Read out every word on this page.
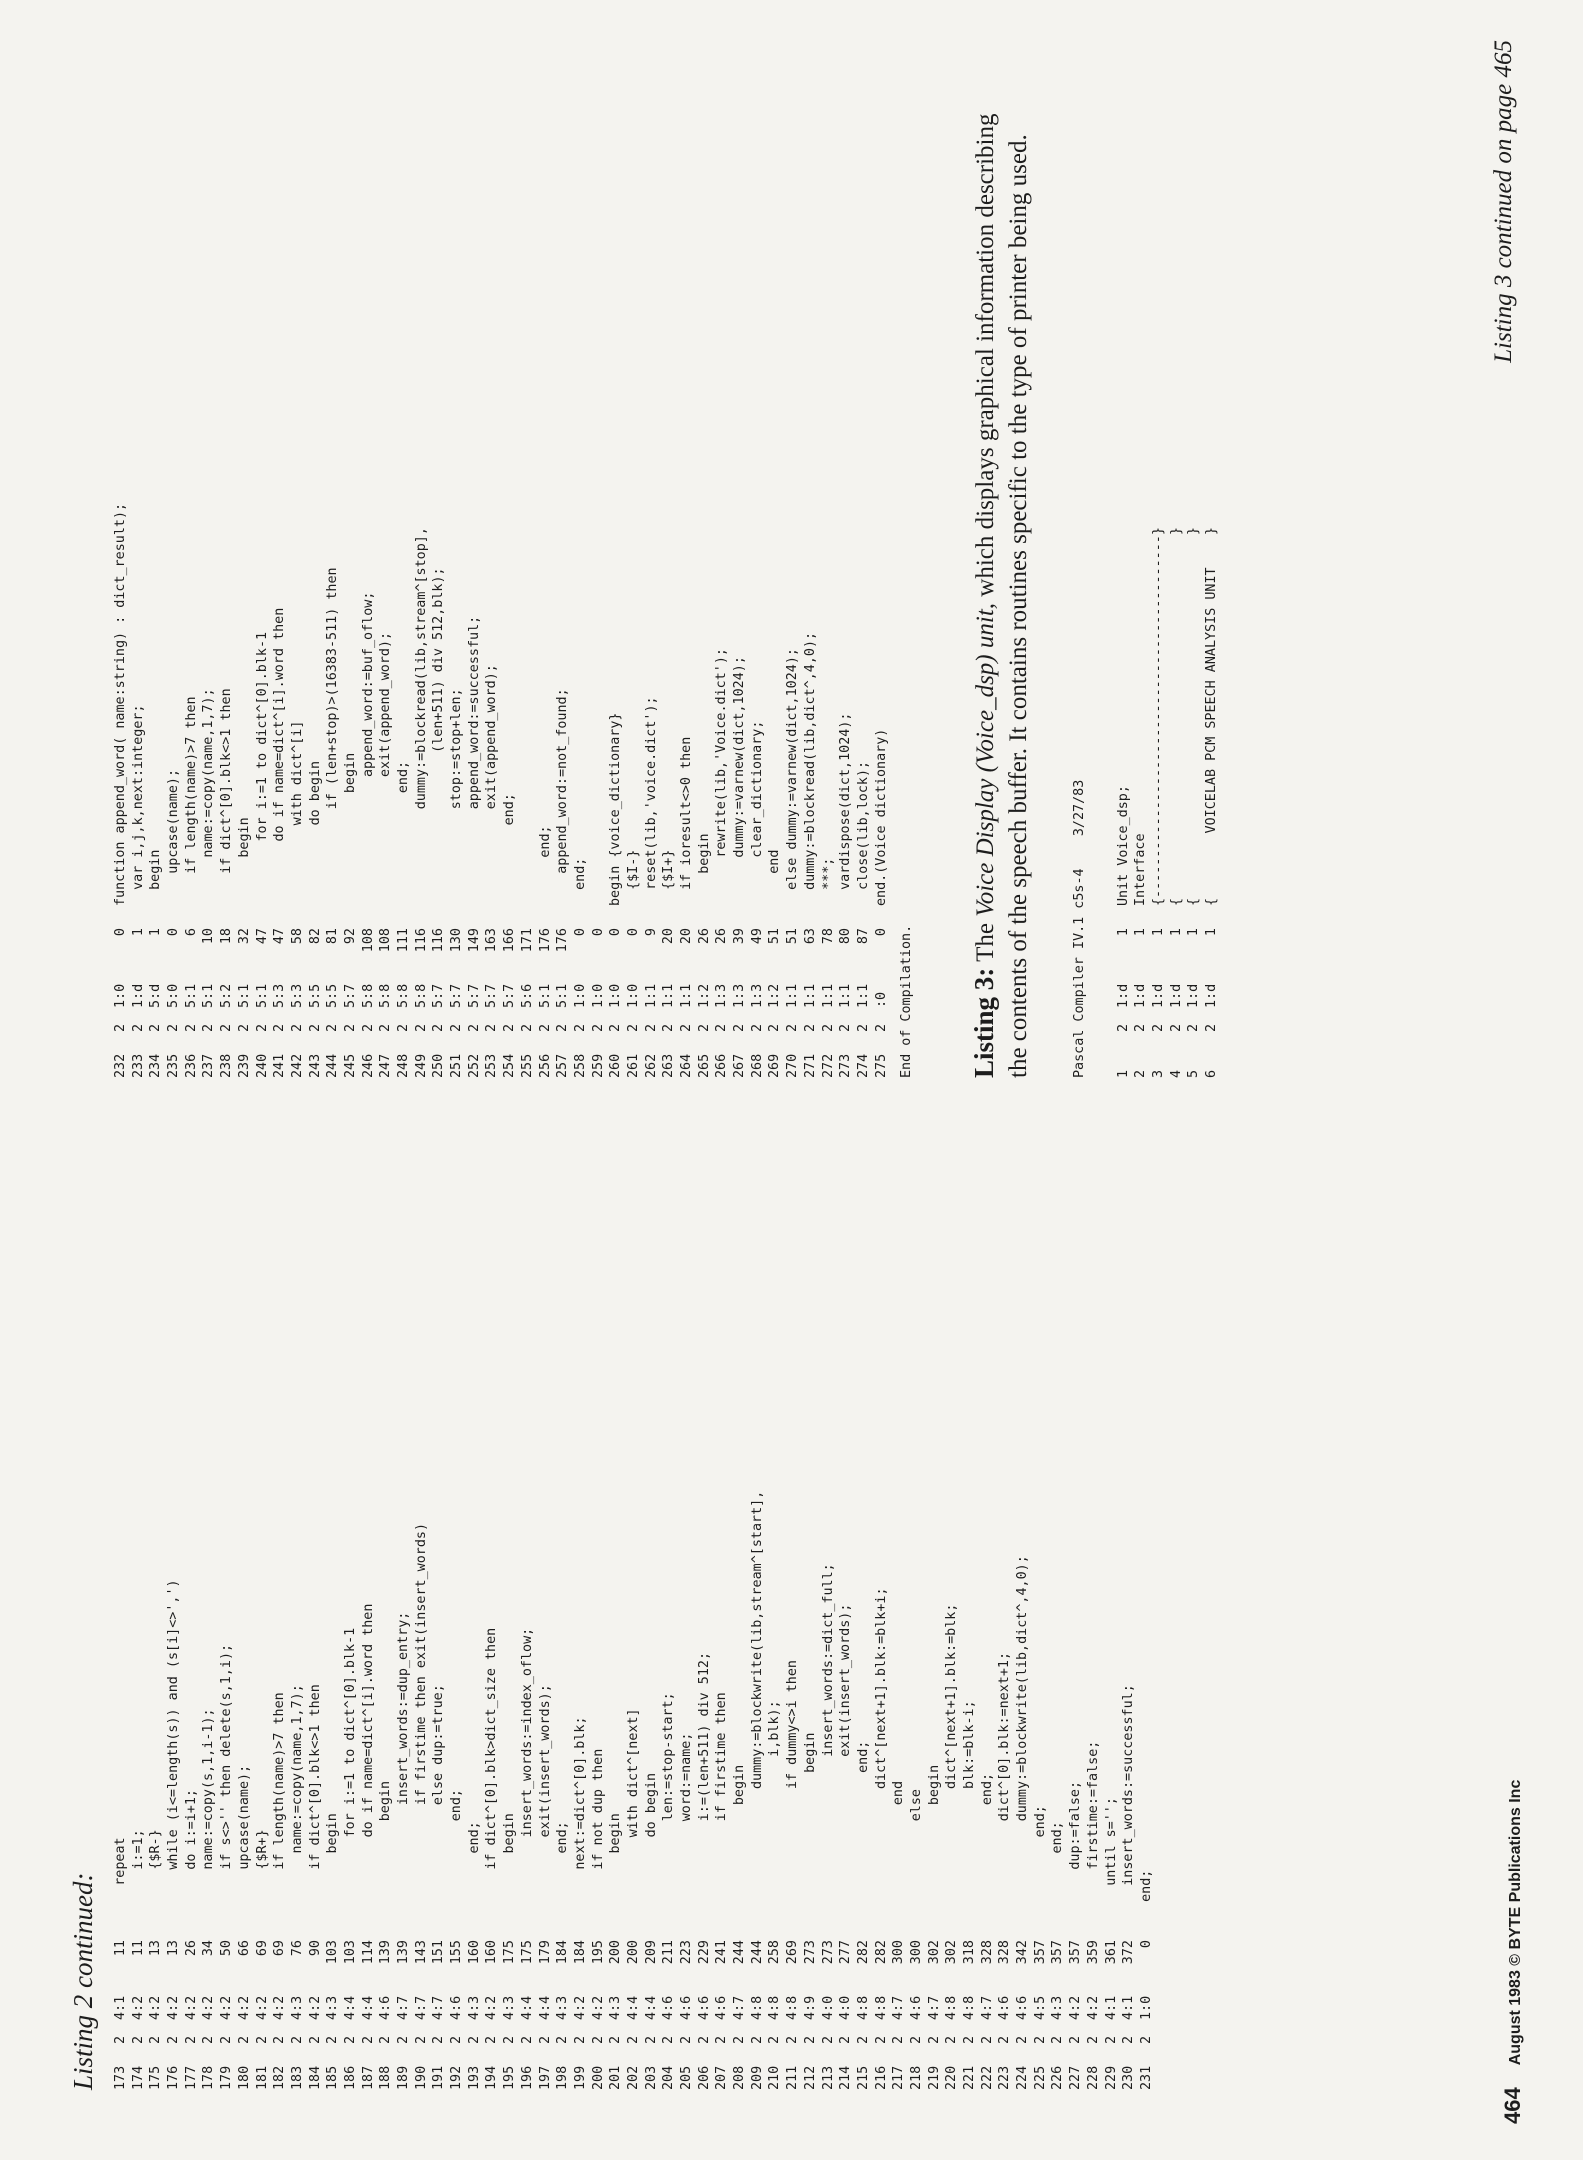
Listing 2 continued: 173
2
4:1
11
repeat
174
2
4:2
11
i:=1;
175
2
4:2
13
{$R-}
176
2
4:2
13
while (i<=length(s)) and (s[i]<>',')
177
2
4:2
26
do i:=i+1;
178
2
4:2
34
name:=copy(s,1,i-1);
179
2
4:2
50
if s<>'' then delete(s,1,i);
180
2
4:2
66
upcase(name);
181
2
4:2
69
{$R+}
182
2
4:2
69
if length(name)>7 then
183
2
4:3
76
name:=copy(name,1,7);
184
2
4:2
90
if dict^[0].blk<>1 then
185
2
4:3
103
begin
186
2
4:4
103
for i:=1 to dict^[0].blk-1
187
2
4:4
114
do if name=dict^[i].word then
188
2
4:6
139
begin
189
2
4:7
139
insert_words:=dup_entry;
190
2
4:7
143
if firstime then exit(insert_words)
191
2
4:7
151
else dup:=true;
192
2
4:6
155
end;
193
2
4:3
160
end;
194
2
4:2
160
if dict^[0].blk>dict_size then
195
2
4:3
175
begin
196
2
4:4
175
insert_words:=index_oflow;
197
2
4:4
179
exit(insert_words);
198
2
4:3
184
end;
199
2
4:2
184
next:=dict^[0].blk;
200
2
4:2
195
if not dup then
201
2
4:3
200
begin
202
2
4:4
200
with dict^[next]
203
2
4:4
209
do begin
204
2
4:6
211
len:=stop-start;
205
2
4:6
223
word:=name;
206
2
4:6
229
i:=(len+511) div 512;
207
2
4:6
241
if firstime then
208
2
4:7
244
begin
209
2
4:8
244
dummy:=blockwrite(lib,stream^[start],
210
2
4:8
258
i,blk);
211
2
4:8
269
if dummy<>i then
212
2
4:9
273
begin
213
2
4:0
273
insert_words:=dict_full;
214
2
4:0
277
exit(insert_words);
215
2
4:8
282
end;
216
2
4:8
282
dict^[next+1].blk:=blk+i;
217
2
4:7
300
end
218
2
4:6
300
else
219
2
4:7
302
begin
220
2
4:8
302
dict^[next+1].blk:=blk;
221
2
4:8
318
blk:=blk-i;
222
2
4:7
328
end;
223
2
4:6
328
dict^[0].blk:=next+1;
224
2
4:6
342
dummy:=blockwrite(lib,dict^,4,0);
225
2
4:5
357
end;
226
2
4:3
357
end;
227
2
4:2
357
dup:=false;
228
2
4:2
359
firstime:=false;
229
2
4:1
361
until s='';
230
2
4:1
372
insert_words:=successful;
231
2
1:0
0
end;
232
2
1:0
0
function append_word( name:string) : dict_result);
233
2
1:d
1
var i,j,k,next:integer;
234
2
5:d
1
begin
235
2
5:0
0
upcase(name);
236
2
5:1
6
if length(name)>7 then
237
2
5:1
10
name:=copy(name,1,7);
238
2
5:2
18
if dict^[0].blk<>1 then
239
2
5:1
32
begin
240
2
5:1
47
for i:=1 to dict^[0].blk-1
241
2
5:3
47
do if name=dict^[i].word then
242
2
5:3
58
with dict^[i]
243
2
5:5
82
do begin
244
2
5:5
81
if (len+stop)>(16383-511) then
245
2
5:7
92
begin
246
2
5:8
108
append_word:=buf_oflow;
247
2
5:8
108
exit(append_word);
248
2
5:8
111
end;
249
2
5:8
116
dummy:=blockread(lib,stream^[stop],
250
2
5:7
116
(len+511) div 512,blk);
251
2
5:7
130
stop:=stop+len;
252
2
5:7
149
append_word:=successful;
253
2
5:7
163
exit(append_word);
254
2
5:7
166
end;
255
2
5:6
171
256
2
5:1
176
end;
257
2
5:1
176
append_word:=not_found;
258
2
1:0
0
end;
259
2
1:0
0
260
2
1:0
0
begin {voice_dictionary}
261
2
1:0
0
{$I-}
262
2
1:1
9
reset(lib,'voice.dict');
263
2
1:1
20
{$I+}
264
2
1:1
20
if ioresult<>0 then
265
2
1:2
26
begin
266
2
1:3
26
rewrite(lib,'Voice.dict');
267
2
1:3
39
dummy:=varnew(dict,1024);
268
2
1:3
49
clear_dictionary;
269
2
1:2
51
end
270
2
1:1
51
else dummy:=varnew(dict,1024);
271
2
1:1
63
dummy:=blockread(lib,dict^,4,0);
272
2
1:1
78
***;
273
2
1:1
80
vardispose(dict,1024);
274
2
1:1
87
close(lib,lock);
275
2
:0
0
end.(Voice dictionary)
End of Compilation. Listing 3: The Voice Display (Voice_dsp) unit, which displays graphical information describing the contents of the speech buffer. It contains routines specific to the type of printer being used.	Pascal Compiler IV.1 c5s-4    3/27/83
1
2
1:d
1
Unit Voice_dsp;
2
2
1:d
1
Interface
3
2
1:d
1
{---------------------------------------------}
4
2
1:d
1
{                                             }
5
2
1:d
1
{                                             }
6
2
1:d
1
{        VOICELAB PCM SPEECH ANALYSIS UNIT    }
Listing 3 continued on page 465
464August 1983 © BYTE Publications Inc
